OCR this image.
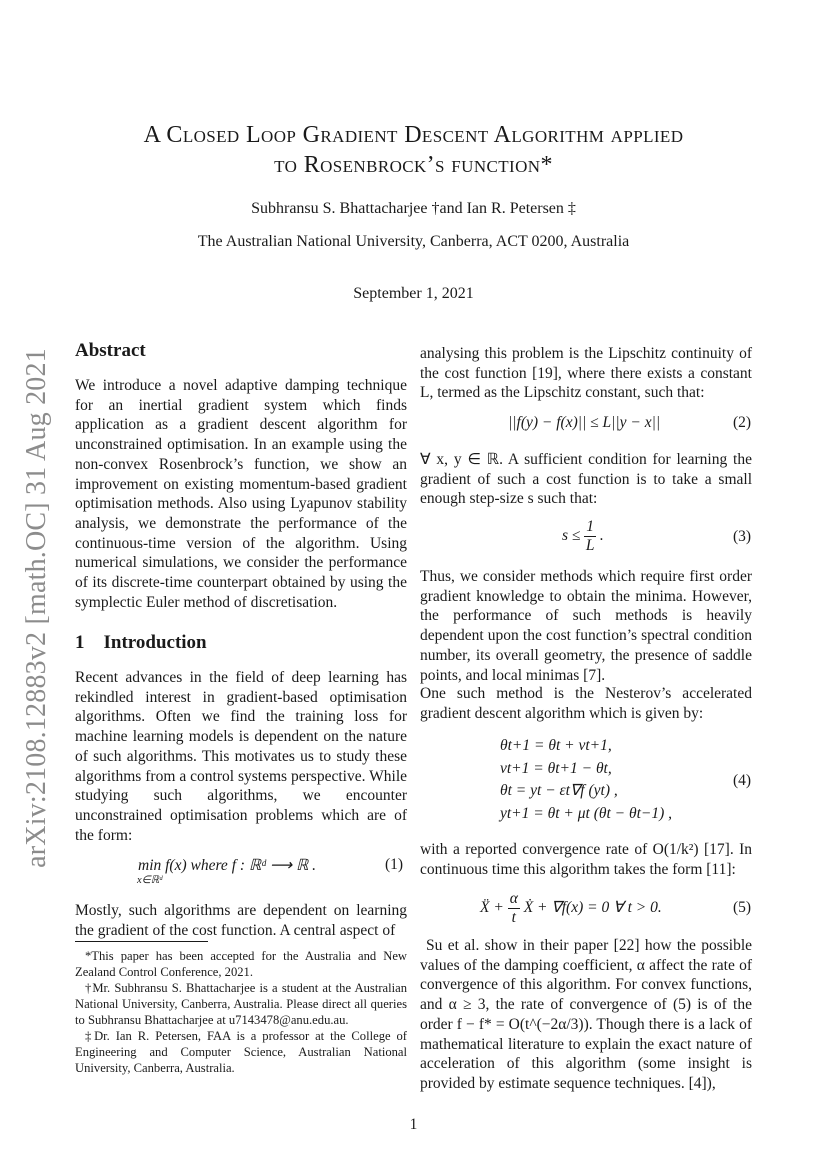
arXiv:2108.12883v2 [math.OC] 31 Aug 2021
A Closed Loop Gradient Descent Algorithm applied
to Rosenbrock’s function*
Subhransu S. Bhattacharjee †and Ian R. Petersen ‡
The Australian National University, Canberra, ACT 0200, Australia
September 1, 2021
Abstract

We introduce a novel adaptive damping technique for an inertial gradient system which finds application as a gradient descent algorithm for unconstrained optimisation. In an example using the non-convex Rosenbrock’s function, we show an improvement on existing momentum-based gradient optimisation methods. Also using Lyapunov stability analysis, we demonstrate the performance of the continuous-time version of the algorithm. Using numerical simulations, we consider the performance of its discrete-time counterpart obtained by using the symplectic Euler method of discretisation.

1 Introduction

Recent advances in the field of deep learning has rekindled interest in gradient-based optimisation algorithms. Often we find the training loss for machine learning models is dependent on the nature of such algorithms. This motivates us to study these algorithms from a control systems perspective. While studying such algorithms, we encounter unconstrained optimisation problems which are of the form:

min f(x) where f : ℝᵈ ⟶ ℝ .
x∈ℝᵈ
(1)

Mostly, such algorithms are dependent on learning the gradient of the cost function. A central aspect of

*This paper has been accepted for the Australia and New Zealand Control Conference, 2021.

†Mr. Subhransu S. Bhattacharjee is a student at the Australian National University, Canberra, Australia. Please direct all queries to Subhransu Bhattacharjee at u7143478@anu.edu.au.

‡Dr. Ian R. Petersen, FAA is a professor at the College of Engineering and Computer Science, Australian National University, Canberra, Australia.

analysing this problem is the Lipschitz continuity of the cost function [19], where there exists a constant L, termed as the Lipschitz constant, such that:

||f(y) − f(x)|| ≤ L||y − x||	(2)

∀ x, y ∈ ℝ. A sufficient condition for learning the gradient of such a cost function is to take a small enough step-size s such that:

$s \le \frac{1}{L}$ .	(3)

Thus, we consider methods which require first order gradient knowledge to obtain the minima. However, the performance of such methods is heavily dependent upon the cost function’s spectral condition number, its overall geometry, the presence of saddle points, and local minimas [7].

One such method is the Nesterov’s accelerated gradient descent algorithm which is given by:

θt+1 = θt + vt+1,
vt+1 = θt+1 − θt,
θt = yt − εt∇f (yt) ,
yt+1 = θt + μt (θt − θt−1) ,
(4)

with a reported convergence rate of O(1/k²) [17]. In continuous time this algorithm takes the form [11]:

Ẍ + $\frac{\alpha}{t}$ Ẋ + ∇f(x) = 0 ∀ t > 0.	(5)

Su et al. show in their paper [22] how the possible values of the damping coefficient, α affect the rate of convergence of this algorithm. For convex functions, and α ≥ 3, the rate of convergence of (5) is of the order f − f* = O(t^(−2α/3)). Though there is a lack of mathematical literature to explain the exact nature of acceleration of this algorithm (some insight is provided by estimate sequence techniques. [4]),

1
